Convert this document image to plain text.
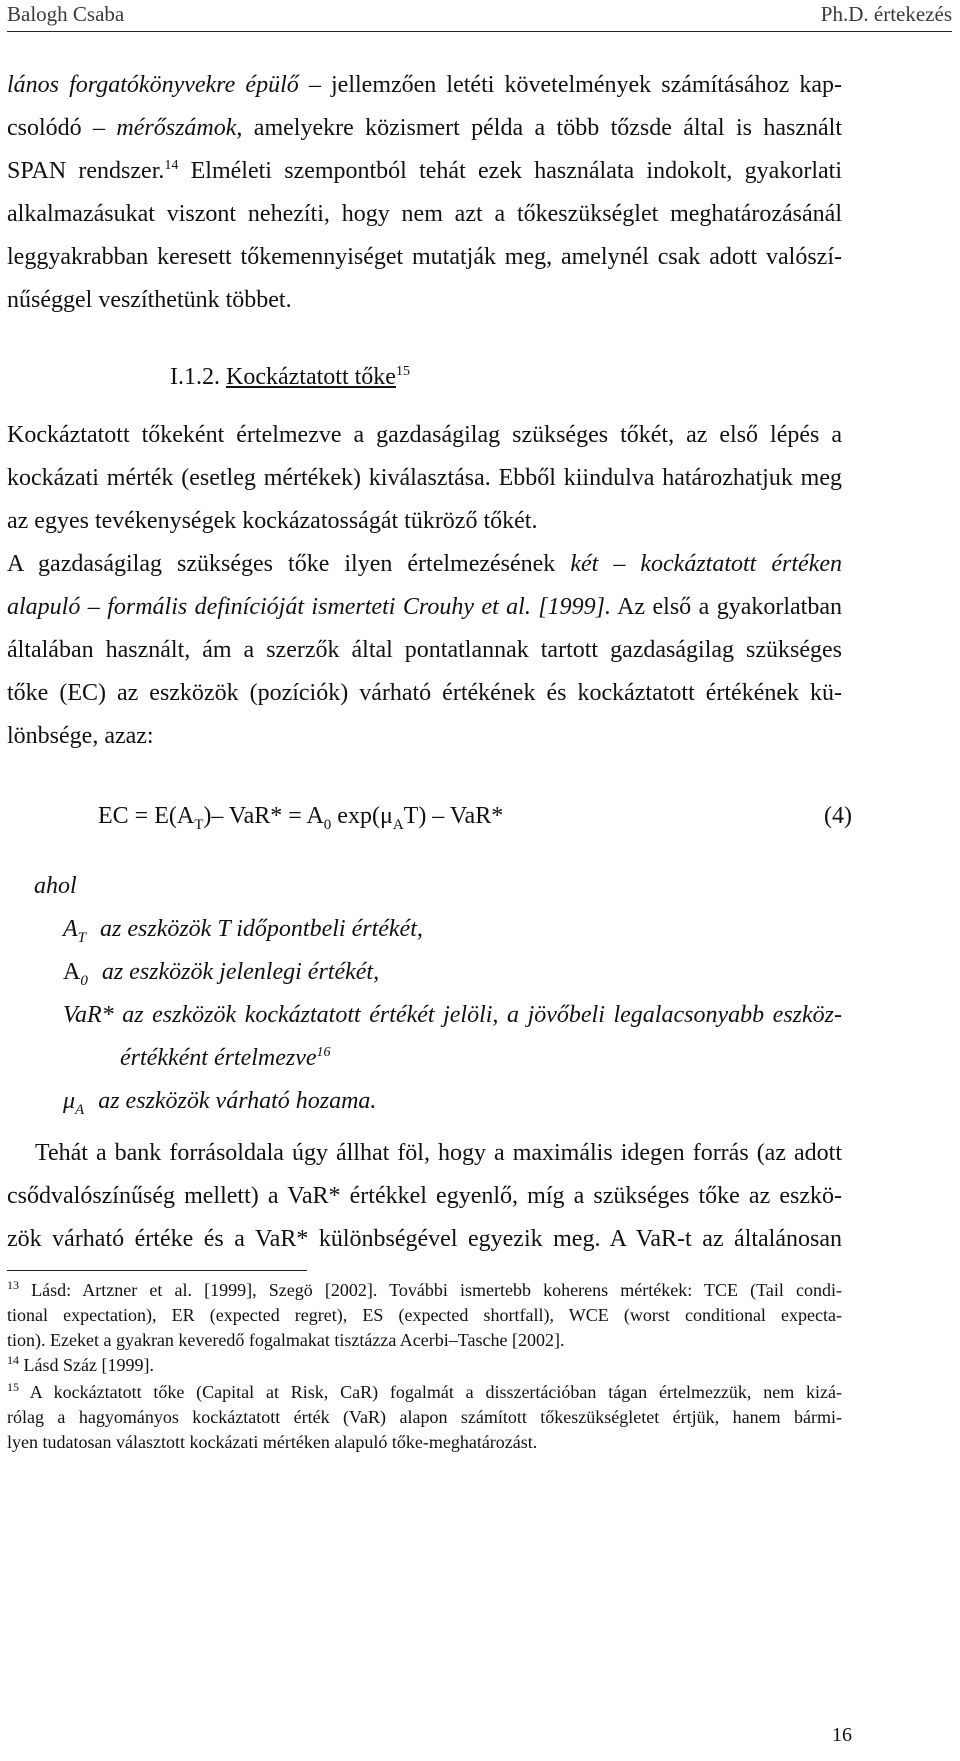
Balogh Csaba	Ph.D. értekezés
lános forgatókönyvekre épülő – jellemzően letéti követelmények számításához kap-
csolódó – mérőszámok, amelyekre közismert példa a több tőzsde által is használt
SPAN rendszer.$^{14}$ Elméleti szempontból tehát ezek használata indokolt, gyakorlati
alkalmazásukat viszont nehezíti, hogy nem azt a tőkeszükséglet meghatározásánál
leggyakrabban keresett tőkemennyiséget mutatják meg, amelynél csak adott valószí-
nűséggel veszíthetünk többet.
I.1.2. Kockáztatott tőke$^{15}$
Kockáztatott tőkeként értelmezve a gazdaságilag szükséges tőkét, az első lépés a
kockázati mérték (esetleg mértékek) kiválasztása. Ebből kiindulva határozhatjuk meg
az egyes tevékenységek kockázatosságát tükröző tőkét.
A gazdaságilag szükséges tőke ilyen értelmezésének két – kockáztatott értéken
alapuló – formális definícióját ismerteti Crouhy et al. [1999]. Az első a gyakorlatban
általában használt, ám a szerzők által pontatlannak tartott gazdaságilag szükséges
tőke (EC) az eszközök (pozíciók) várható értékének és kockáztatott értékének kü-
lönbsége, azaz:
EC = $E(A_T)-$ $VaR* = A_0$ $\exp(\mu_AT) - VaR*$	(4)
ahol
$A_T$ az eszközök T időpontbeli értékét,
$A_0$ az eszközök jelenlegi értékét,
VaR* az eszközök kockáztatott értékét jelöli, a jövőbeli legalacsonyabb eszköz-
értékként értelmezve$^{16}$
$\mu_A$ az eszközök várható hozama.
Tehát a bank forrásoldala úgy állhat föl, hogy a maximális idegen forrás (az adott
csődvalószínűség mellett) a VaR* értékkel egyenlő, míg a szükséges tőke az eszkö-
zök várható értéke és a VaR* különbségével egyezik meg. A VaR-t az általánosan
$^{13}$ Lásd: Artzner et al. [1999], Szegö [2002]. További ismertebb koherens mértékek: TCE (Tail condi-
tional expectation), ER (expected regret), ES (expected shortfall), WCE (worst conditional expecta-
tion). Ezeket a gyakran keveredő fogalmakat tisztázza Acerbi–Tasche [2002].
$^{14}$ Lásd Száz [1999].
$^{15}$ A kockáztatott tőke (Capital at Risk, CaR) fogalmát a disszertációban tágan értelmezzük, nem kizá-
rólag a hagyományos kockáztatott érték (VaR) alapon számított tőkeszükségletet értjük, hanem bármi-
lyen tudatosan választott kockázati mértéken alapuló tőke-meghatározást.
16
